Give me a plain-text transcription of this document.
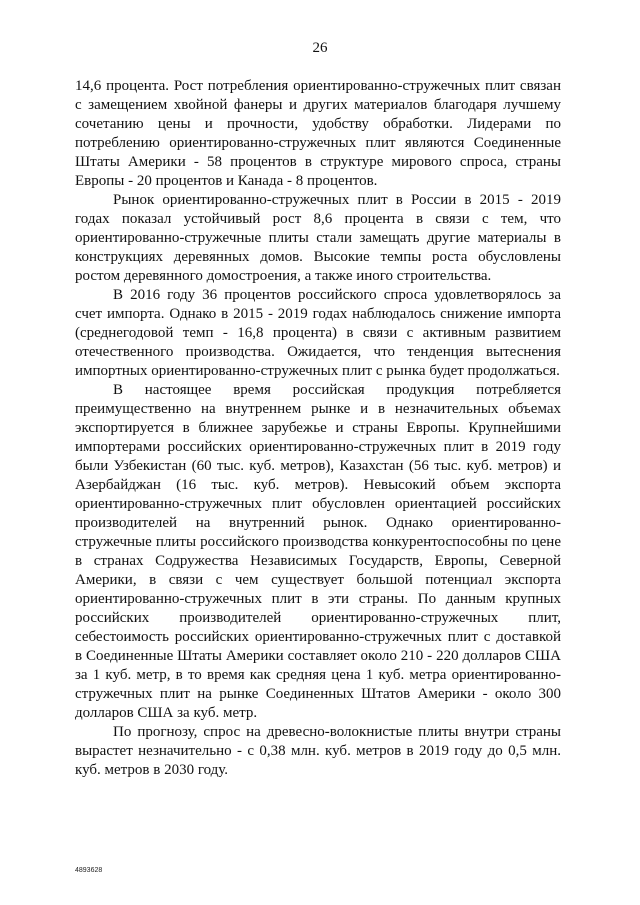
26

14,6 процента. Рост потребления ориентированно-стружечных плит связан с замещением хвойной фанеры и других материалов благодаря лучшему сочетанию цены и прочности, удобству обработки. Лидерами по потреблению ориентированно-стружечных плит являются Соединенные Штаты Америки - 58 процентов в структуре мирового спроса, страны Европы - 20 процентов и Канада - 8 процентов.

Рынок ориентированно-стружечных плит в России в 2015 - 2019 годах показал устойчивый рост 8,6 процента в связи с тем, что ориентированно-стружечные плиты стали замещать другие материалы в конструкциях деревянных домов. Высокие темпы роста обусловлены ростом деревянного домостроения, а также иного строительства.

В 2016 году 36 процентов российского спроса удовлетворялось за счет импорта. Однако в 2015 - 2019 годах наблюдалось снижение импорта (среднегодовой темп - 16,8 процента) в связи с активным развитием отечественного производства. Ожидается, что тенденция вытеснения импортных ориентированно-стружечных плит с рынка будет продолжаться.

В настоящее время российская продукция потребляется преимущественно на внутреннем рынке и в незначительных объемах экспортируется в ближнее зарубежье и страны Европы. Крупнейшими импортерами российских ориентированно-стружечных плит в 2019 году были Узбекистан (60 тыс. куб. метров), Казахстан (56 тыс. куб. метров) и Азербайджан (16 тыс. куб. метров). Невысокий объем экспорта ориентированно-стружечных плит обусловлен ориентацией российских производителей на внутренний рынок. Однако ориентированно-стружечные плиты российского производства конкурентоспособны по цене в странах Содружества Независимых Государств, Европы, Северной Америки, в связи с чем существует большой потенциал экспорта ориентированно-стружечных плит в эти страны. По данным крупных российских производителей ориентированно-стружечных плит, себестоимость российских ориентированно-стружечных плит с доставкой в Соединенные Штаты Америки составляет около 210 - 220 долларов США за 1 куб. метр, в то время как средняя цена 1 куб. метра ориентированно-стружечных плит на рынке Соединенных Штатов Америки - около 300 долларов США за куб. метр.

По прогнозу, спрос на древесно-волокнистые плиты внутри страны вырастет незначительно - с 0,38 млн. куб. метров в 2019 году до 0,5 млн. куб. метров в 2030 году.

4893628
